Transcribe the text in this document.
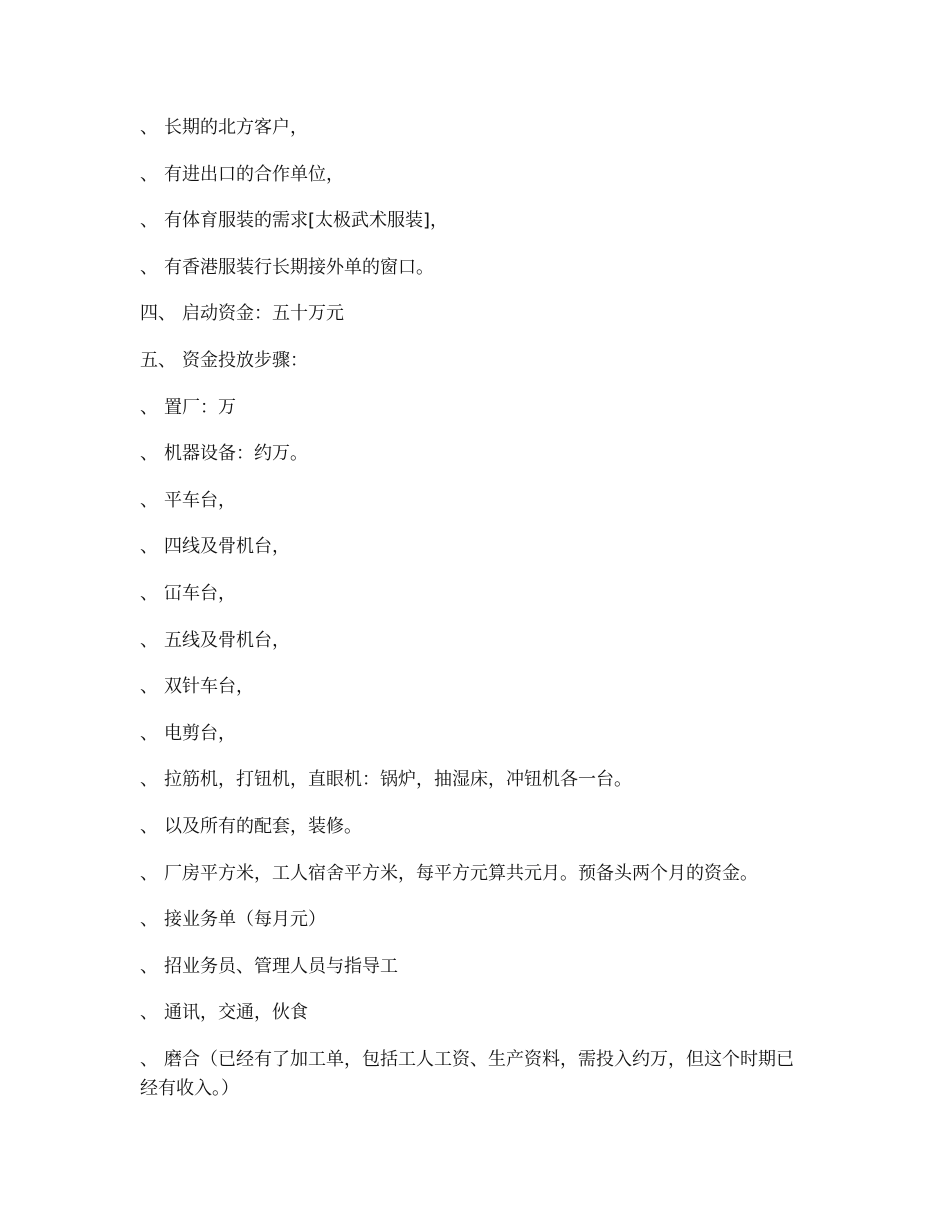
、 长期的北方客户，

、 有进出口的合作单位，

、 有体育服装的需求[太极武术服装]，

、 有香港服装行长期接外单的窗口。

四、 启动资金：五十万元

五、 资金投放步骤：

、 置厂：万

、 机器设备：约万。

、 平车台，

、 四线及骨机台，

、 冚车台，

、 五线及骨机台，

、 双针车台，

、 电剪台，

、 拉筋机，打钮机，直眼机：锅炉，抽湿床，冲钮机各一台。

、 以及所有的配套，装修。

、 厂房平方米，工人宿舍平方米，每平方元算共元月。预备头两个月的资金。

、 接业务单（每月元）

、 招业务员、管理人员与指导工

、 通讯，交通，伙食

、 磨合（已经有了加工单，包括工人工资、生产资料，需投入约万，但这个时期已经有收入。）
